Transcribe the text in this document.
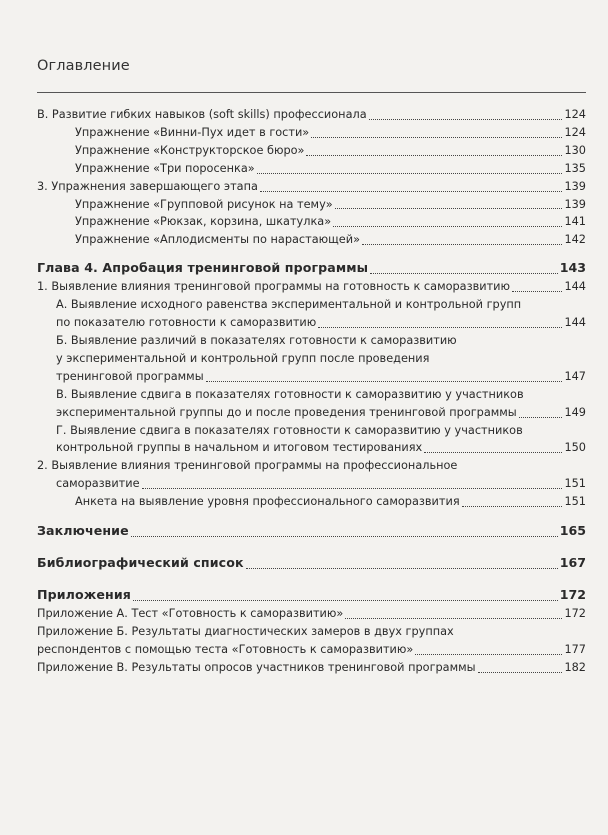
Оглавление
В. Развитие гибких навыков (soft skills) профессионала	124
Упражнение «Винни-Пух идет в гости»	124
Упражнение «Конструкторское бюро»	130
Упражнение «Три поросенка»	135
3. Упражнения завершающего этапа	139
Упражнение «Групповой рисунок на тему»	139
Упражнение «Рюкзак, корзина, шкатулка»	141
Упражнение «Аплодисменты по нарастающей»	142
Глава 4. Апробация тренинговой программы	143
1. Выявление влияния тренинговой программы на готовность к саморазвитию	144
А. Выявление исходного равенства экспериментальной и контрольной групп
по показателю готовности к саморазвитию	144
Б. Выявление различий в показателях готовности к саморазвитию
у экспериментальной и контрольной групп после проведения
тренинговой программы	147
В. Выявление сдвига в показателях готовности к саморазвитию у участников
экспериментальной группы до и после проведения тренинговой программы	149
Г. Выявление сдвига в показателях готовности к саморазвитию у участников
контрольной группы в начальном и итоговом тестированиях	150
2. Выявление влияния тренинговой программы на профессиональное
саморазвитие	151
Анкета на выявление уровня профессионального саморазвития	151
Заключение	165
Библиографический список	167
Приложения	172
Приложение А. Тест «Готовность к саморазвитию»	172
Приложение Б. Результаты диагностических замеров в двух группах
респондентов с помощью теста «Готовность к саморазвитию»	177
Приложение В. Результаты опросов участников тренинговой программы	182
